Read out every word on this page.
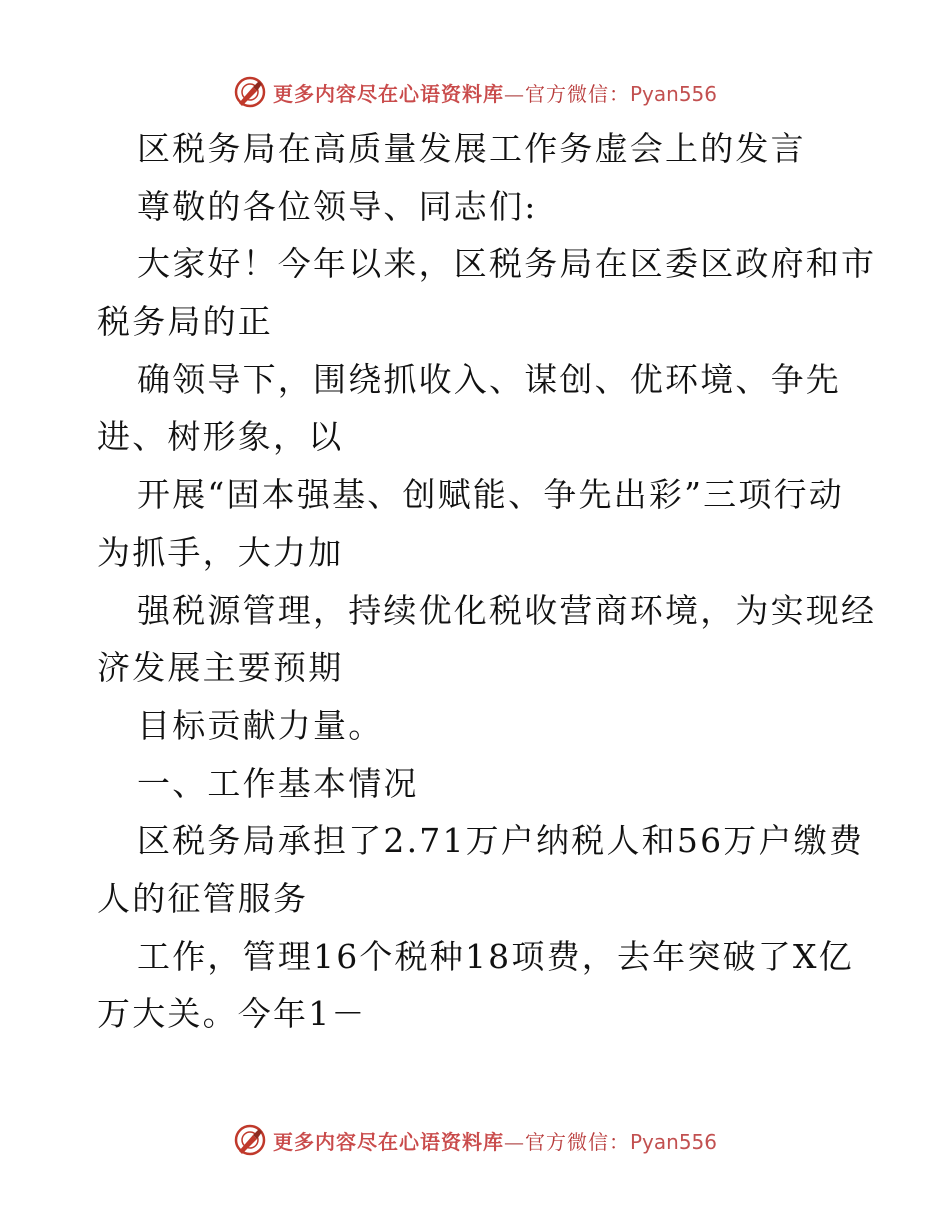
更多内容尽在心语资料库—官方微信：Pyan556
区税务局在高质量发展工作务虚会上的发言
尊敬的各位领导、同志们:
大家好！今年以来，区税务局在区委区政府和市
税务局的正
确领导下，围绕抓收入、谋创、优环境、争先
进、树形象，以
开展“固本强基、创赋能、争先出彩”三项行动
为抓手，大力加
强税源管理，持续优化税收营商环境，为实现经
济发展主要预期
目标贡献力量。
一、工作基本情况
区税务局承担了2.71万户纳税人和56万户缴费
人的征管服务
工作，管理16个税种18项费，去年突破了X亿
万大关。今年1－
更多内容尽在心语资料库—官方微信：Pyan556
